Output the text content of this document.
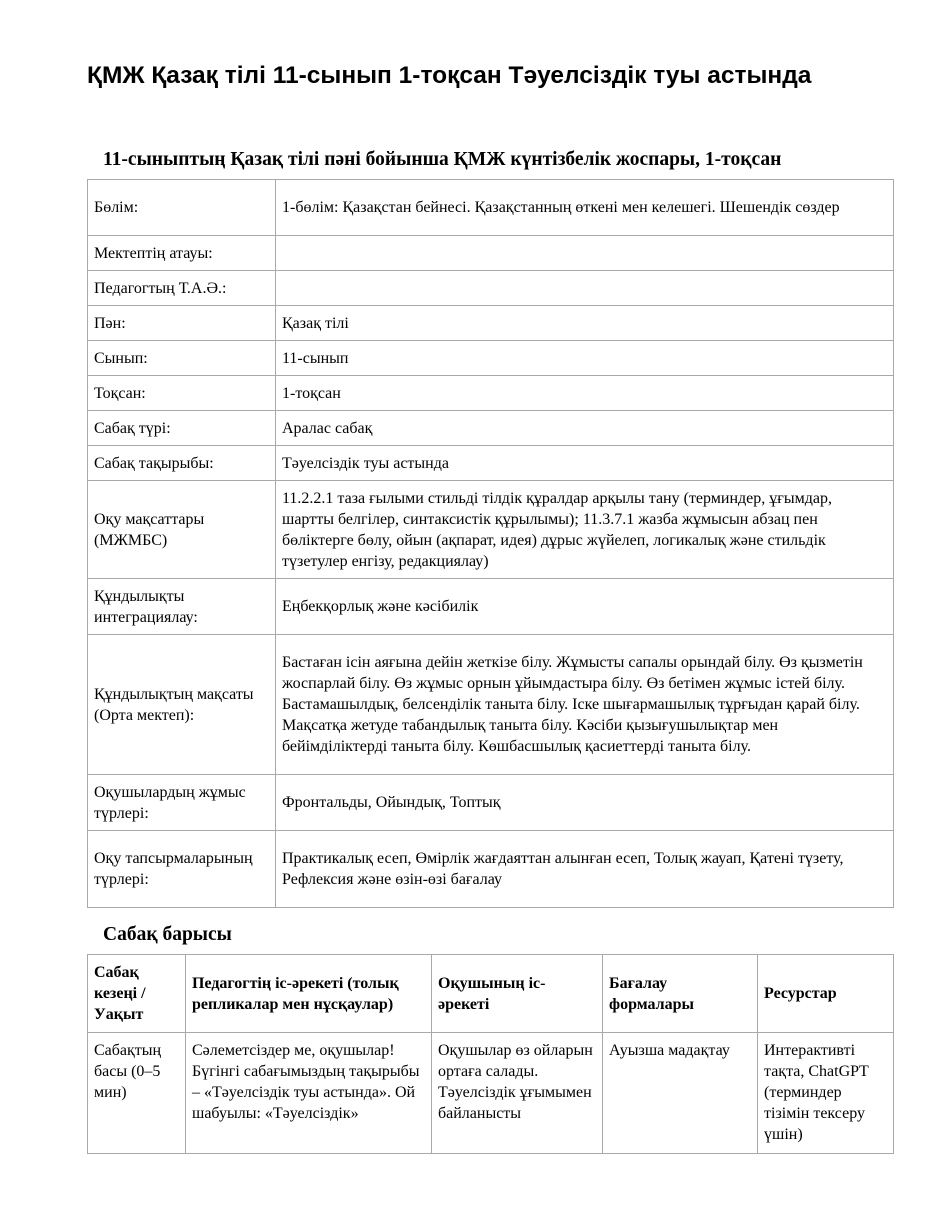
ҚМЖ Қазақ тілі 11-сынып 1-тоқсан Тәуелсіздік туы астында
11-сыныптың Қазақ тілі пәні бойынша ҚМЖ күнтізбелік жоспары, 1-тоқсан
Бөлім:	1-бөлім: Қазақстан бейнесі. Қазақстанның өткені мен келешегі. Шешендік сөздер
Мектептің атауы:	
Педагогтың Т.А.Ә.:	
Пән:	Қазақ тілі
Сынып:	11-сынып
Тоқсан:	1-тоқсан
Сабақ түрі:	Аралас сабақ
Сабақ тақырыбы:	Тәуелсіздік туы астында
Оқу мақсаттары (МЖМБС)	11.2.2.1 таза ғылыми стильді тілдік құралдар арқылы тану (терминдер, ұғымдар, шартты белгілер, синтаксистік құрылымы); 11.3.7.1 жазба жұмысын абзац пен бөліктерге бөлу, ойын (ақпарат, идея) дұрыс жүйелеп, логикалық және стильдік түзетулер енгізу, редакциялау)
Құндылықты интеграциялау:	Еңбекқорлық және кәсібилік
Құндылықтың мақсаты (Орта мектеп):	Бастаған ісін аяғына дейін жеткізе білу. Жұмысты сапалы орындай білу. Өз қызметін жоспарлай білу. Өз жұмыс орнын ұйымдастыра білу. Өз бетімен жұмыс істей білу. Бастамашылдық, белсенділік таныта білу. Іске шығармашылық тұрғыдан қарай білу. Мақсатқа жетуде табандылық таныта білу. Кәсіби қызығушылықтар мен бейімділіктерді таныта білу. Көшбасшылық қасиеттерді таныта білу.
Оқушылардың жұмыс түрлері:	Фронтальды, Ойындық, Топтық
Оқу тапсырмаларының түрлері:	Практикалық есеп, Өмірлік жағдаяттан алынған есеп, Толық жауап, Қатені түзету, Рефлексия және өзін-өзі бағалау
Сабақ барысы
Сабақ кезеңі / Уақыт	Педагогтің іс-әрекеті (толық репликалар мен нұсқаулар)	Оқушының іс-әрекеті	Бағалау формалары	Ресурстар
Сабақтың басы (0–5 мин)	Сәлеметсіздер ме, оқушылар! Бүгінгі сабағымыздың тақырыбы – «Тәуелсіздік туы астында». Ой шабуылы: «Тәуелсіздік»	Оқушылар өз ойларын ортаға салады. Тәуелсіздік ұғымымен байланысты	Ауызша мадақтау	Интерактивті тақта, ChatGPT (терминдер тізімін тексеру үшін)
